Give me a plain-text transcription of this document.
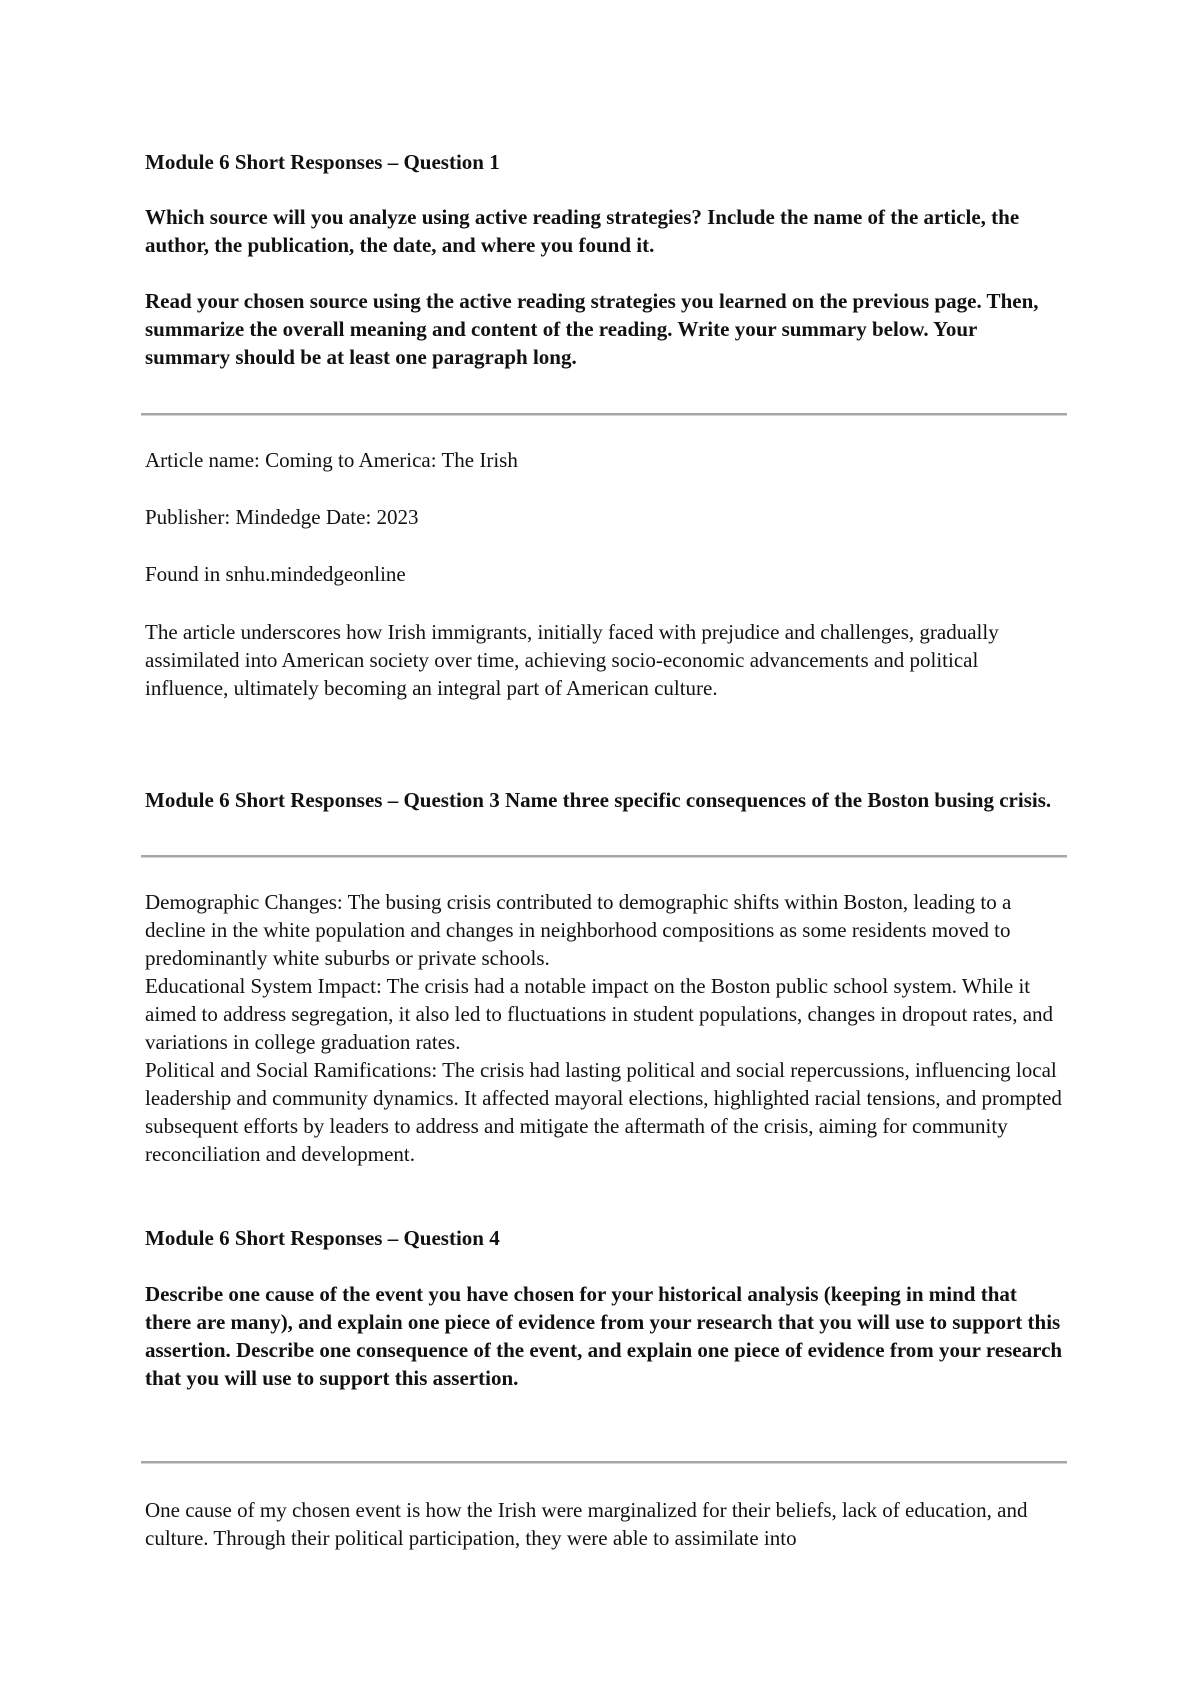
Module 6 Short Responses – Question 1

Which source will you analyze using active reading strategies? Include the name of the article, the author, the publication, the date, and where you found it.

Read your chosen source using the active reading strategies you learned on the previous page. Then, summarize the overall meaning and content of the reading. Write your summary below. Your summary should be at least one paragraph long.

Article name: Coming to America: The Irish

Publisher: Mindedge Date: 2023

Found in snhu.mindedgeonline

The article underscores how Irish immigrants, initially faced with prejudice and challenges, gradually assimilated into American society over time, achieving socio-economic advancements and political influence, ultimately becoming an integral part of American culture.

Module 6 Short Responses – Question 3 Name three specific consequences of the Boston busing crisis.

Demographic Changes: The busing crisis contributed to demographic shifts within Boston, leading to a decline in the white population and changes in neighborhood compositions as some residents moved to predominantly white suburbs or private schools.

Educational System Impact: The crisis had a notable impact on the Boston public school system. While it aimed to address segregation, it also led to fluctuations in student populations, changes in dropout rates, and variations in college graduation rates.

Political and Social Ramifications: The crisis had lasting political and social repercussions, influencing local leadership and community dynamics. It affected mayoral elections, highlighted racial tensions, and prompted subsequent efforts by leaders to address and mitigate the aftermath of the crisis, aiming for community reconciliation and development.

Module 6 Short Responses – Question 4

Describe one cause of the event you have chosen for your historical analysis (keeping in mind that there are many), and explain one piece of evidence from your research that you will use to support this assertion. Describe one consequence of the event, and explain one piece of evidence from your research that you will use to support this assertion.

One cause of my chosen event is how the Irish were marginalized for their beliefs, lack of education, and culture. Through their political participation, they were able to assimilate into
